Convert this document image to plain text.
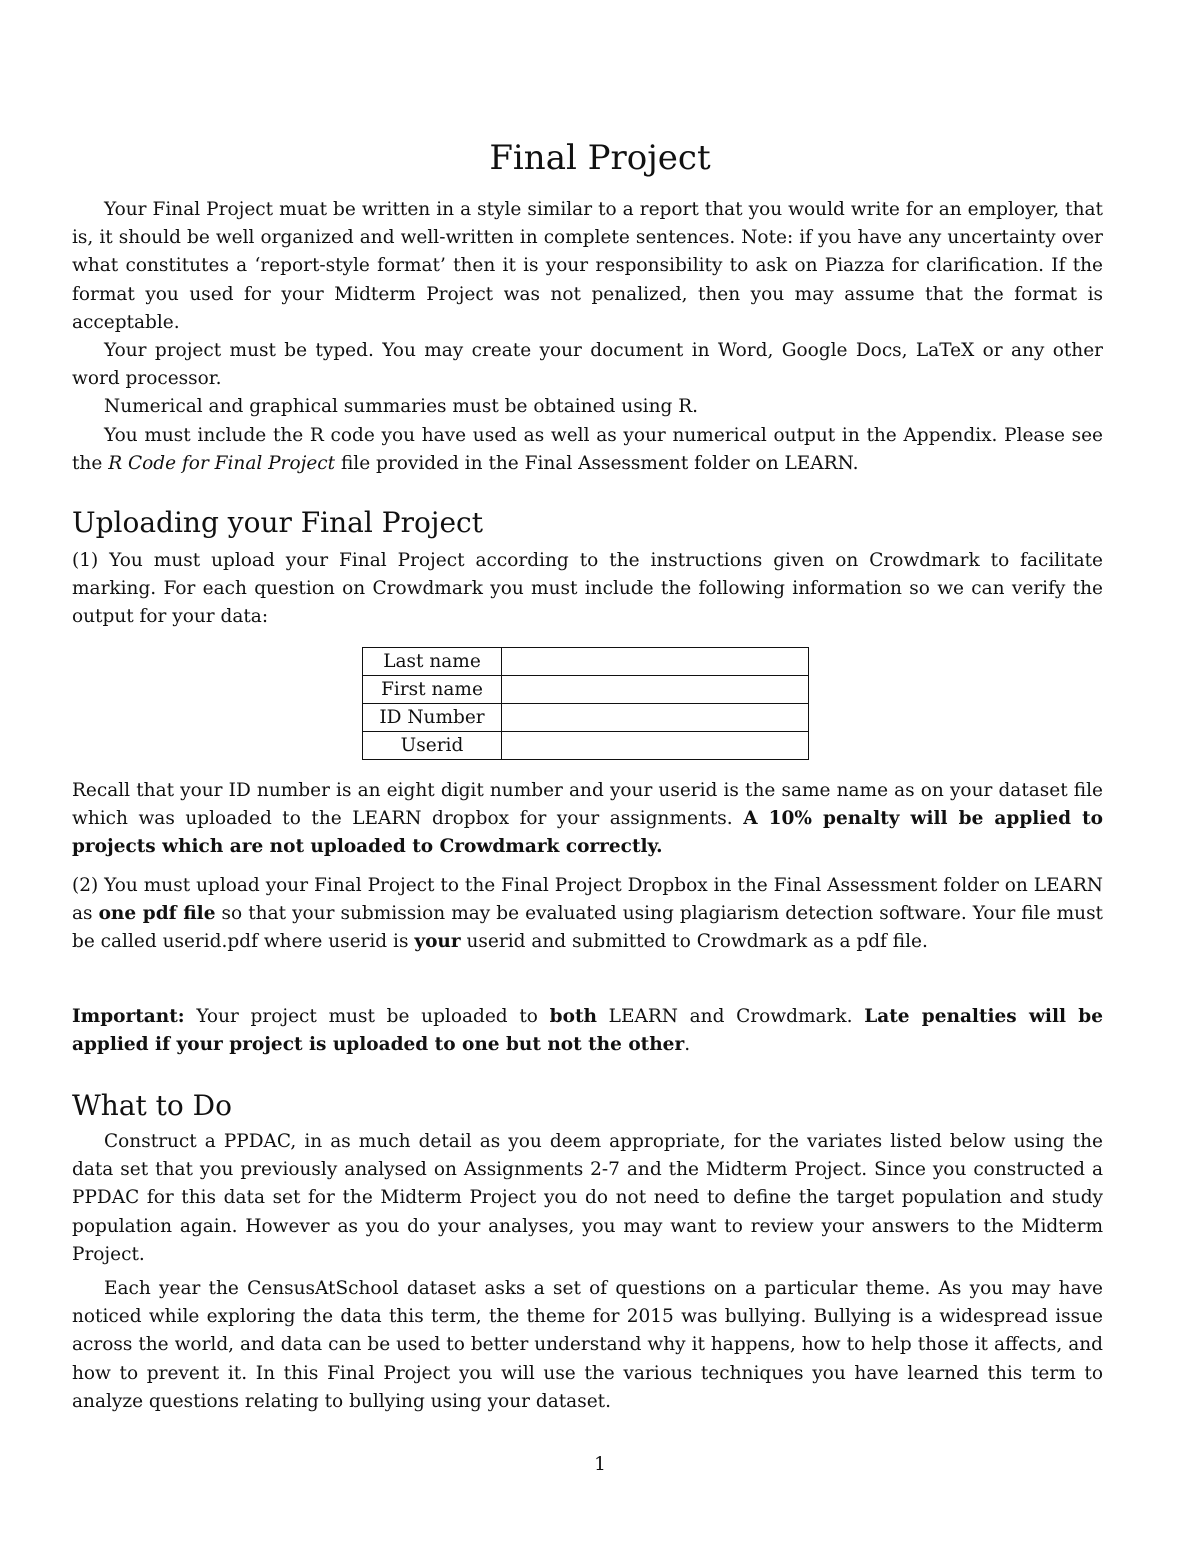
Final Project

Your Final Project muat be written in a style similar to a report that you would write for an employer, that is, it should be well organized and well-written in complete sentences. Note: if you have any uncertainty over what constitutes a ‘report-style format’ then it is your responsibility to ask on Piazza for clarification. If the format you used for your Midterm Project was not penalized, then you may assume that the format is acceptable.

Your project must be typed. You may create your document in Word, Google Docs, LaTeX or any other word processor.

Numerical and graphical summaries must be obtained using R.

You must include the R code you have used as well as your numerical output in the Appendix. Please see the R Code for Final Project file provided in the Final Assessment folder on LEARN.

Uploading your Final Project

(1) You must upload your Final Project according to the instructions given on Crowdmark to facilitate marking. For each question on Crowdmark you must include the following information so we can verify the output for your data:

Last name	
First name	
ID Number	
Userid	

Recall that your ID number is an eight digit number and your userid is the same name as on your dataset file which was uploaded to the LEARN dropbox for your assignments. A 10% penalty will be applied to projects which are not uploaded to Crowdmark correctly.

(2) You must upload your Final Project to the Final Project Dropbox in the Final Assessment folder on LEARN as one pdf file so that your submission may be evaluated using plagiarism detection software. Your file must be called userid.pdf where userid is your userid and submitted to Crowdmark as a pdf file.

Important: Your project must be uploaded to both LEARN and Crowdmark. Late penalties will be applied if your project is uploaded to one but not the other.

What to Do

Construct a PPDAC, in as much detail as you deem appropriate, for the variates listed below using the data set that you previously analysed on Assignments 2-7 and the Midterm Project. Since you constructed a PPDAC for this data set for the Midterm Project you do not need to define the target population and study population again. However as you do your analyses, you may want to review your answers to the Midterm Project.

Each year the CensusAtSchool dataset asks a set of questions on a particular theme. As you may have noticed while exploring the data this term, the theme for 2015 was bullying. Bullying is a widespread issue across the world, and data can be used to better understand why it happens, how to help those it affects, and how to prevent it. In this Final Project you will use the various techniques you have learned this term to analyze questions relating to bullying using your dataset.

1
